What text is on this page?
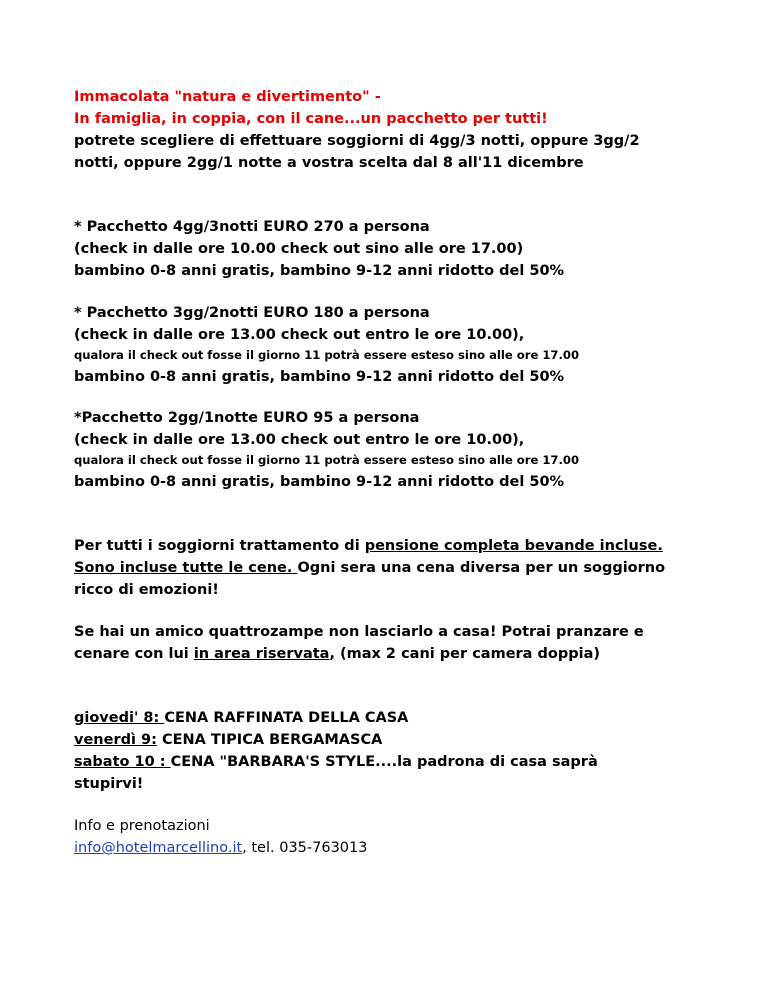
Immacolata "natura e divertimento" -
In famiglia, in coppia, con il cane...un pacchetto per tutti!
potrete scegliere di effettuare soggiorni di 4gg/3 notti, oppure 3gg/2
notti, oppure 2gg/1 notte a vostra scelta dal 8 all'11 dicembre
* Pacchetto 4gg/3notti EURO 270 a persona
(check in dalle ore 10.00 check out sino alle ore 17.00)
bambino 0-8 anni gratis, bambino 9-12 anni ridotto del 50%
* Pacchetto 3gg/2notti EURO 180 a persona
(check in dalle ore 13.00 check out entro le ore 10.00),
qualora il check out fosse il giorno 11 potrà essere esteso sino alle ore 17.00
bambino 0-8 anni gratis, bambino 9-12 anni ridotto del 50%
*Pacchetto 2gg/1notte EURO 95 a persona
(check in dalle ore 13.00 check out entro le ore 10.00),
qualora il check out fosse il giorno 11 potrà essere esteso sino alle ore 17.00
bambino 0-8 anni gratis, bambino 9-12 anni ridotto del 50%
Per tutti i soggiorni trattamento di pensione completa bevande incluse.
Sono incluse tutte le cene. Ogni sera una cena diversa per un soggiorno
ricco di emozioni!
Se hai un amico quattrozampe non lasciarlo a casa! Potrai pranzare e
cenare con lui in area riservata, (max 2 cani per camera doppia)
giovedi' 8: CENA RAFFINATA DELLA CASA
venerdì 9: CENA TIPICA BERGAMASCA
sabato 10 : CENA "BARBARA'S STYLE....la padrona di casa saprà
stupirvi!
Info e prenotazioni
info@hotelmarcellino.it, tel. 035-763013
